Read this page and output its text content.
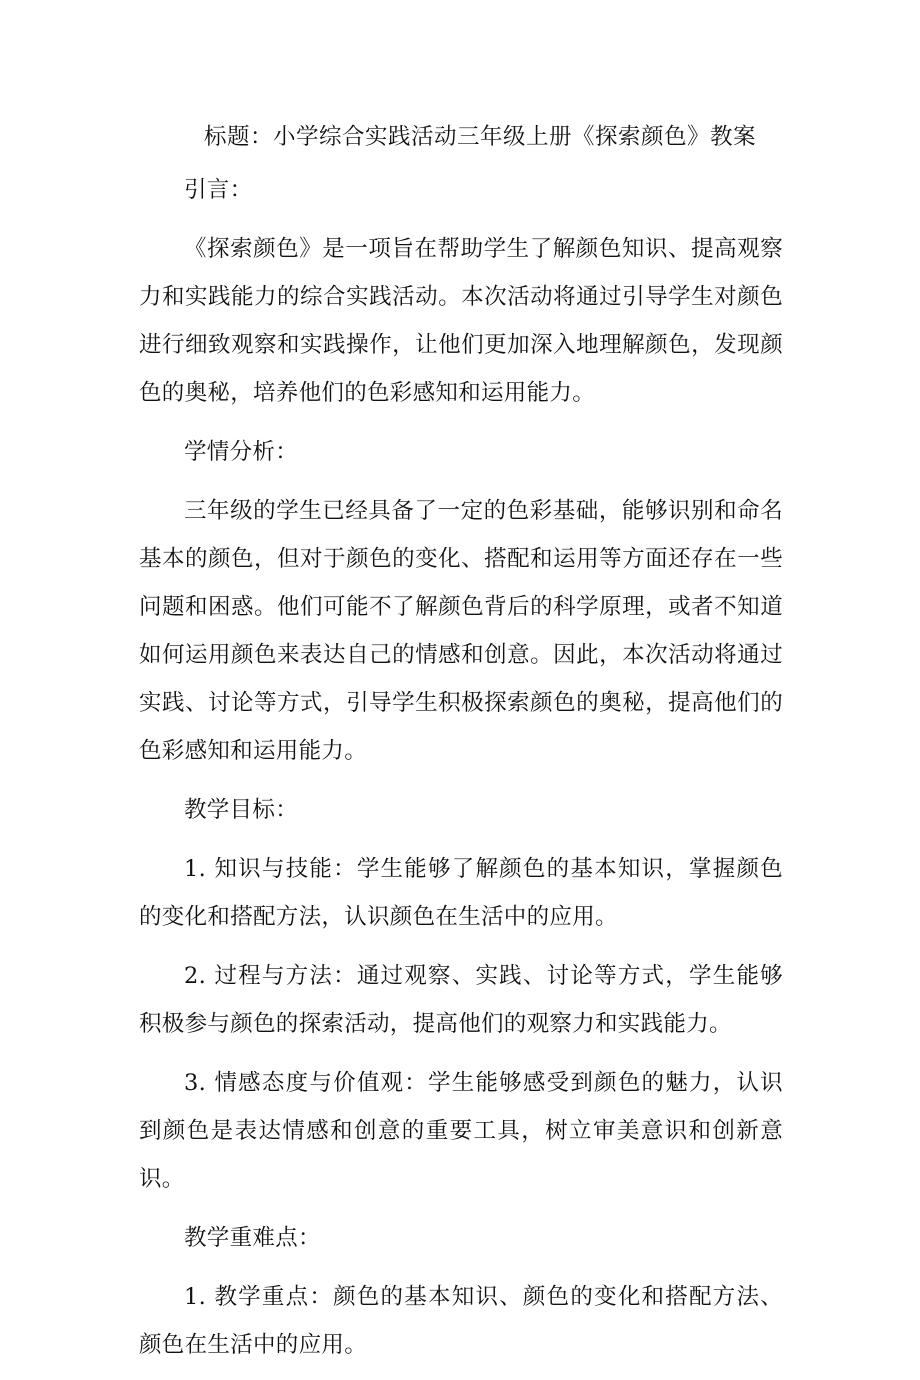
标题：小学综合实践活动三年级上册《探索颜色》教案
引言：

《探索颜色》是一项旨在帮助学生了解颜色知识、提高观察力和实践能力的综合实践活动。本次活动将通过引导学生对颜色进行细致观察和实践操作，让他们更加深入地理解颜色，发现颜色的奥秘，培养他们的色彩感知和运用能力。

学情分析：

三年级的学生已经具备了一定的色彩基础，能够识别和命名基本的颜色，但对于颜色的变化、搭配和运用等方面还存在一些问题和困惑。他们可能不了解颜色背后的科学原理，或者不知道如何运用颜色来表达自己的情感和创意。因此，本次活动将通过实践、讨论等方式，引导学生积极探索颜色的奥秘，提高他们的色彩感知和运用能力。

教学目标：

1. 知识与技能：学生能够了解颜色的基本知识，掌握颜色的变化和搭配方法，认识颜色在生活中的应用。

2. 过程与方法：通过观察、实践、讨论等方式，学生能够积极参与颜色的探索活动，提高他们的观察力和实践能力。

3. 情感态度与价值观：学生能够感受到颜色的魅力，认识到颜色是表达情感和创意的重要工具，树立审美意识和创新意识。

教学重难点：

1. 教学重点：颜色的基本知识、颜色的变化和搭配方法、颜色在生活中的应用。
